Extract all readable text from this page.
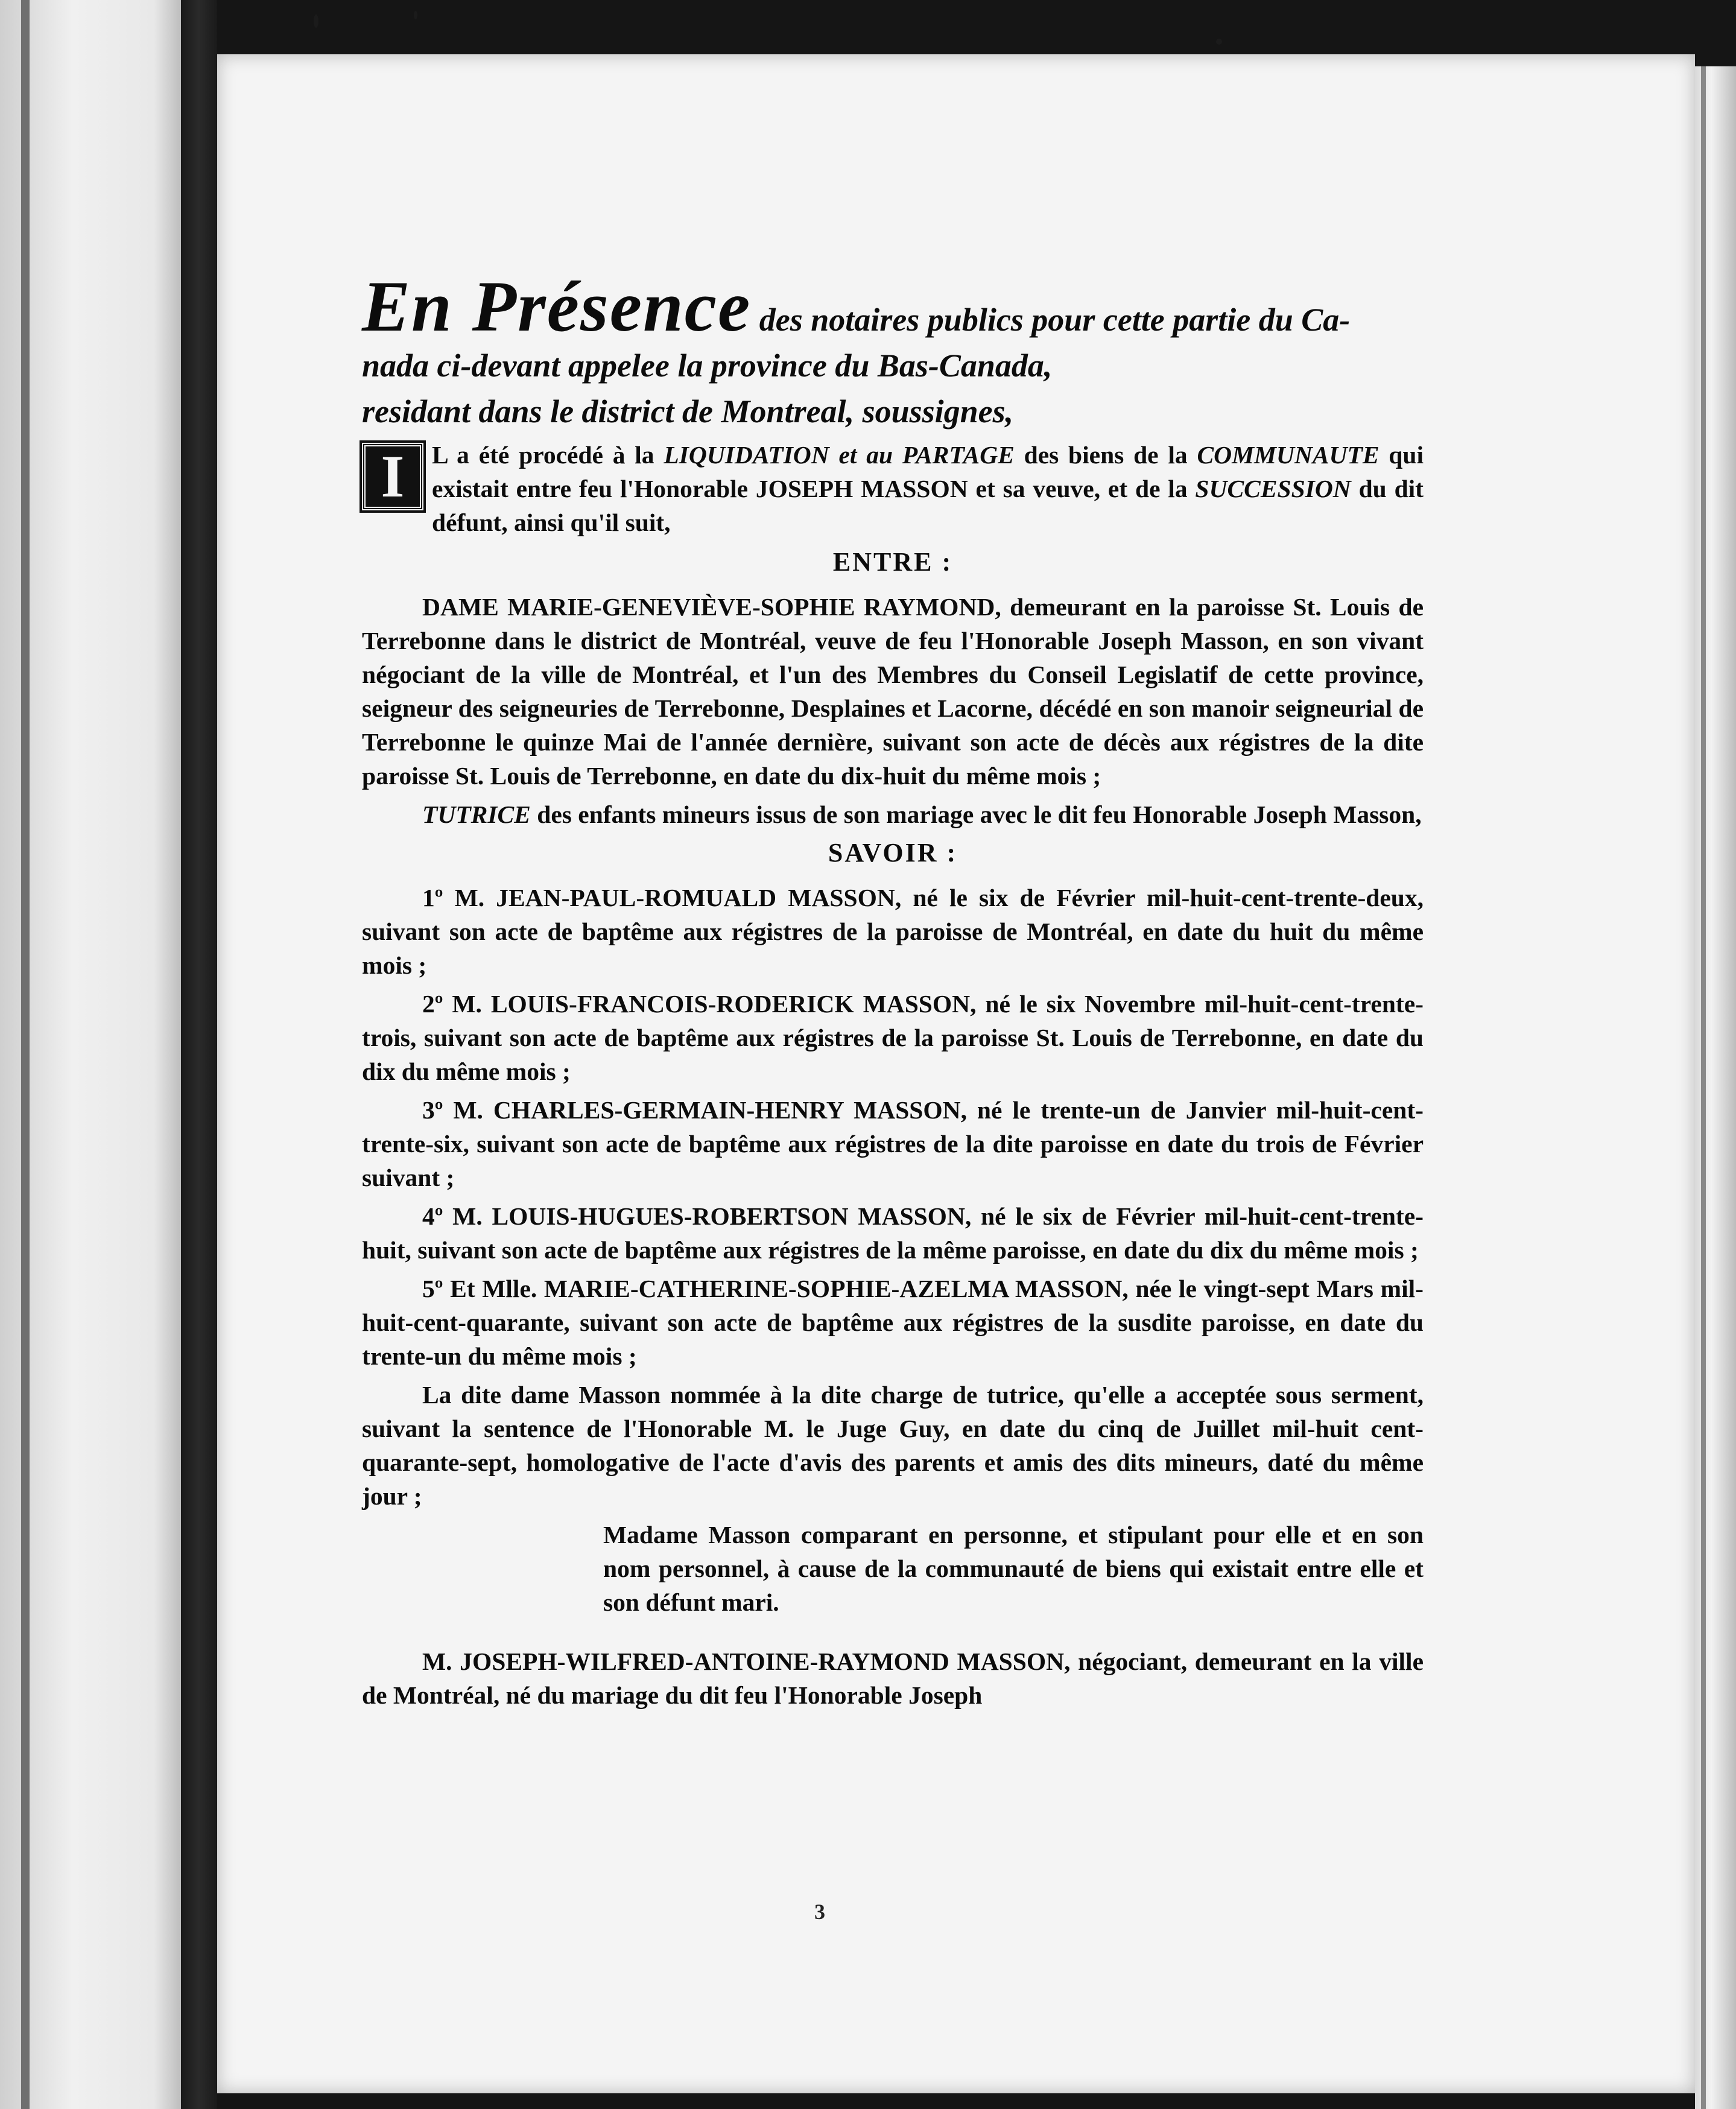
En Présence des notaires publics pour cette partie du Ca-
nada ci-devant appelee la province du Bas-Canada,
residant dans le district de Montreal, soussignes,
I	L a été procédé à la LIQUIDATION et au PARTAGE des biens de la COMMUNAUTE qui existait entre feu l'Honorable JOSEPH MASSON et sa veuve, et de la SUCCESSION du dit défunt, ainsi qu'il suit,
ENTRE :

DAME MARIE-GENEVIÈVE-SOPHIE RAYMOND, demeurant en la paroisse St. Louis de Terrebonne dans le district de Montréal, veuve de feu l'Honorable Joseph Masson, en son vivant négociant de la ville de Montréal, et l'un des Membres du Conseil Legislatif de cette province, seigneur des seigneuries de Terrebonne, Desplaines et Lacorne, décédé en son manoir seigneurial de Terrebonne le quinze Mai de l'année dernière, suivant son acte de décès aux régistres de la dite paroisse St. Louis de Terrebonne, en date du dix-huit du même mois ;

TUTRICE des enfants mineurs issus de son mariage avec le dit feu Honorable Joseph Masson,

SAVOIR :

1º M. JEAN-PAUL-ROMUALD MASSON, né le six de Février mil-huit-cent-trente-deux, suivant son acte de baptême aux régistres de la paroisse de Montréal, en date du huit du même mois ;

2º M. LOUIS-FRANCOIS-RODERICK MASSON, né le six Novembre mil-huit-cent-trente-trois, suivant son acte de baptême aux régistres de la paroisse St. Louis de Terrebonne, en date du dix du même mois ;

3º M. CHARLES-GERMAIN-HENRY MASSON, né le trente-un de Janvier mil-huit-cent-trente-six, suivant son acte de baptême aux régistres de la dite paroisse en date du trois de Février suivant ;

4º M. LOUIS-HUGUES-ROBERTSON MASSON, né le six de Février mil-huit-cent-trente-huit, suivant son acte de baptême aux régistres de la même paroisse, en date du dix du même mois ;

5º Et Mlle. MARIE-CATHERINE-SOPHIE-AZELMA MASSON, née le vingt-sept Mars mil-huit-cent-quarante, suivant son acte de baptême aux régistres de la susdite paroisse, en date du trente-un du même mois ;

La dite dame Masson nommée à la dite charge de tutrice, qu'elle a acceptée sous serment, suivant la sentence de l'Honorable M. le Juge Guy, en date du cinq de Juillet mil-huit cent-quarante-sept, homologative de l'acte d'avis des parents et amis des dits mineurs, daté du même jour ;

Madame Masson comparant en personne, et stipulant pour elle et en son nom personnel, à cause de la communauté de biens qui existait entre elle et son défunt mari.

M. JOSEPH-WILFRED-ANTOINE-RAYMOND MASSON, négociant, demeurant en la ville de Montréal, né du mariage du dit feu l'Honorable Joseph

3
